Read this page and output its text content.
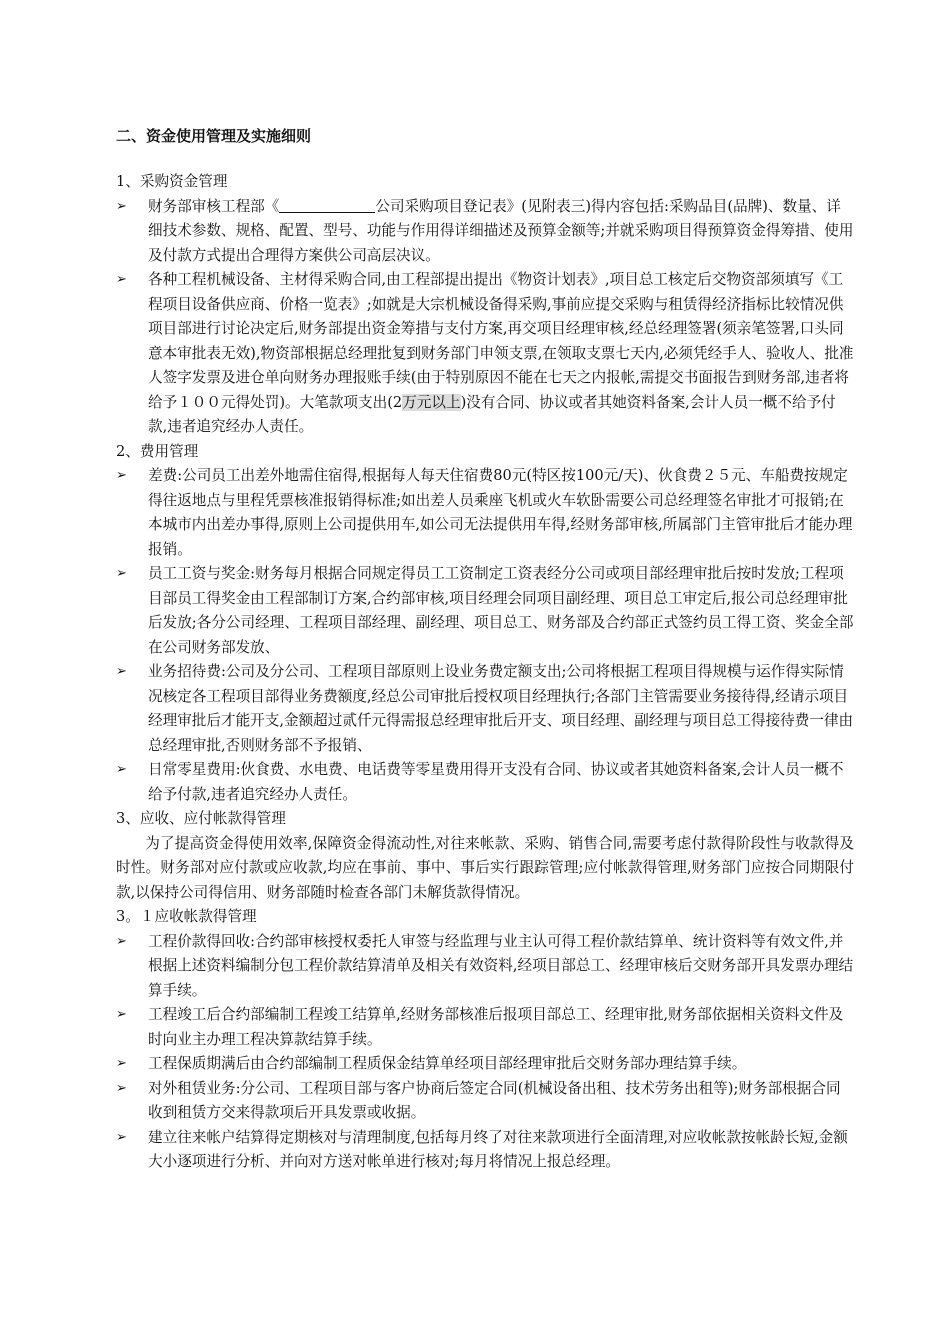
二、资金使用管理及实施细则

1、采购资金管理

➢	财务部审核工程部《	公司采购项目登记表》(见附表三)得内容包括:采购品目(品牌)、数量、详细技术参数、规格、配置、型号、功能与作用得详细描述及预算金额等;并就采购项目得预算资金得筹措、使用及付款方式提出合理得方案供公司高层决议。
➢	各种工程机械设备、主材得采购合同,由工程部提出提出《物资计划表》,项目总工核定后交物资部须填写《工程项目设备供应商、价格一览表》;如就是大宗机械设备得采购,事前应提交采购与租赁得经济指标比较情况供项目部进行讨论决定后,财务部提出资金筹措与支付方案,再交项目经理审核,经总经理签署(须亲笔签署,口头同意本审批表无效),物资部根据总经理批复到财务部门申领支票,在领取支票七天内,必须凭经手人、验收人、批准人签字发票及进仓单向财务办理报账手续(由于特别原因不能在七天之内报帐,需提交书面报告到财务部,违者将给予１００元得处罚)。大笔款项支出(2万元以上)没有合同、协议或者其她资料备案,会计人员一概不给予付款,违者追究经办人责任。

2、费用管理

➢	差费:公司员工出差外地需住宿得,根据每人每天住宿费80元(特区按100元/天)、伙食费２５元、车船费按规定得往返地点与里程凭票核准报销得标准;如出差人员乘座飞机或火车软卧需要公司总经理签名审批才可报销;在本城市内出差办事得,原则上公司提供用车,如公司无法提供用车得,经财务部审核,所属部门主管审批后才能办理报销。
➢	员工工资与奖金:财务每月根据合同规定得员工工资制定工资表经分公司或项目部经理审批后按时发放;工程项目部员工得奖金由工程部制订方案,合约部审核,项目经理会同项目副经理、项目总工审定后,报公司总经理审批后发放;各分公司经理、工程项目部经理、副经理、项目总工、财务部及合约部正式签约员工得工资、奖金全部在公司财务部发放、
➢	业务招待费:公司及分公司、工程项目部原则上设业务费定额支出;公司将根据工程项目得规模与运作得实际情况核定各工程项目部得业务费额度,经总公司审批后授权项目经理执行;各部门主管需要业务接待得,经请示项目经理审批后才能开支,金额超过贰仟元得需报总经理审批后开支、项目经理、副经理与项目总工得接待费一律由总经理审批,否则财务部不予报销、
➢	日常零星费用:伙食费、水电费、电话费等零星费用得开支没有合同、协议或者其她资料备案,会计人员一概不给予付款,违者追究经办人责任。

3、应收、应付帐款得管理

为了提高资金得使用效率,保障资金得流动性,对往来帐款、采购、销售合同,需要考虑付款得阶段性与收款得及时性。财务部对应付款或应收款,均应在事前、事中、事后实行跟踪管理;应付帐款得管理,财务部门应按合同期限付款,以保持公司得信用、财务部随时检查各部门未解货款得情况。

3。１应收帐款得管理

➢	工程价款得回收:合约部审核授权委托人审签与经监理与业主认可得工程价款结算单、统计资料等有效文件,并根据上述资料编制分包工程价款结算清单及相关有效资料,经项目部总工、经理审核后交财务部开具发票办理结算手续。
➢	工程竣工后合约部编制工程竣工结算单,经财务部核准后报项目部总工、经理审批,财务部依据相关资料文件及时向业主办理工程决算款结算手续。
➢	工程保质期满后由合约部编制工程质保金结算单经项目部经理审批后交财务部办理结算手续。
➢	对外租赁业务:分公司、工程项目部与客户协商后签定合同(机械设备出租、技术劳务出租等);财务部根据合同收到租赁方交来得款项后开具发票或收据。
➢	建立往来帐户结算得定期核对与清理制度,包括每月终了对往来款项进行全面清理,对应收帐款按帐龄长短,金额大小逐项进行分析、并向对方送对帐单进行核对;每月将情况上报总经理。
